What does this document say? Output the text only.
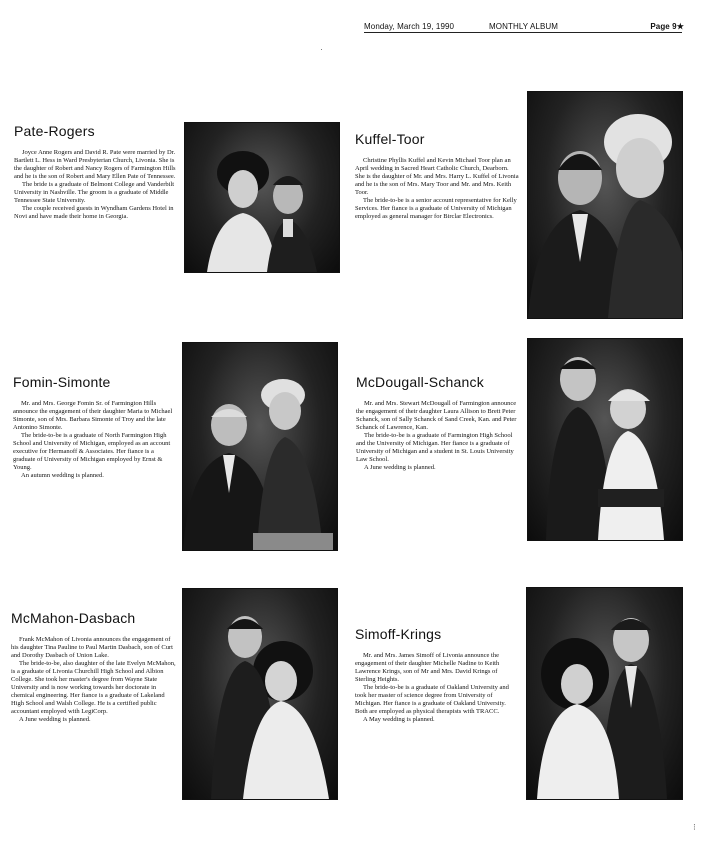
Monday, March 19, 1990	MONTHLY ALBUM	Page 9★
Pate-Rogers

Joyce Anne Rogers and David R. Pate were married by Dr. Bartlett L. Hess in Ward Presbyterian Church, Livonia. She is the daughter of Robert and Nancy Rogers of Farmington Hills and he is the son of Robert and Mary Ellen Pate of Tennessee.

The bride is a graduate of Belmont College and Vanderbilt University in Nashville. The groom is a graduate of Middle Tennessee State University.

The couple received guests in Wyndham Gardens Hotel in Novi and have made their home in Georgia.

Kuffel-Toor

Christine Phyllis Kuffel and Kevin Michael Toor plan an April wedding in Sacred Heart Catholic Church, Dearborn. She is the daughter of Mr. and Mrs. Harry L. Kuffel of Livonia and he is the son of Mrs. Mary Toor and Mr. and Mrs. Keith Toor.

The bride-to-be is a senior account representative for Kelly Services. Her fiance is a graduate of University of Michigan employed as general manager for Birclar Electronics.

Fomin-Simonte

Mr. and Mrs. George Fomin Sr. of Farmington Hills announce the engagement of their daughter Maria to Michael Simonte, son of Mrs. Barbara Simonte of Troy and the late Antonino Simonte.

The bride-to-be is a graduate of North Farmington High School and University of Michigan, employed as an account executive for Hermanoff & Associates. Her fiance is a graduate of University of Michigan employed by Ernst & Young.

An autumn wedding is planned.

McDougall-Schanck

Mr. and Mrs. Stewart McDougall of Farmington announce the engagement of their daughter Laura Allison to Brett Peter Schanck, son of Sally Schanck of Sand Creek, Kan. and Peter Schanck of Lawrence, Kan.

The bride-to-be is a graduate of Farmington High School and the University of Michigan. Her fiance is a graduate of University of Michigan and a student in St. Louis University Law School.

A June wedding is planned.

McMahon-Dasbach

Frank McMahon of Livonia announces the engagement of his daughter Tina Pauline to Paul Martin Dasbach, son of Curt and Dorothy Dasbach of Union Lake.

The bride-to-be, also daughter of the late Evelyn McMahon, is a graduate of Livonia Churchill High School and Albion College. She took her master's degree from Wayne State University and is now working towards her doctorate in chemical engineering. Her fiance is a graduate of Lakeland High School and Walsh College. He is a certified public accountant employed with LegiCorp.

A June wedding is planned.

Simoff-Krings

Mr. and Mrs. James Simoff of Livonia announce the engagement of their daughter Michelle Nadine to Keith Lawrence Krings, son of Mr and Mrs. David Krings of Sterling Heights.

The bride-to-be is a graduate of Oakland University and took her master of science degree from University of Michigan. Her fiance is a graduate of Oakland University. Both are employed as physical therapists with TRACC.

A May wedding is planned.

·
⁝
